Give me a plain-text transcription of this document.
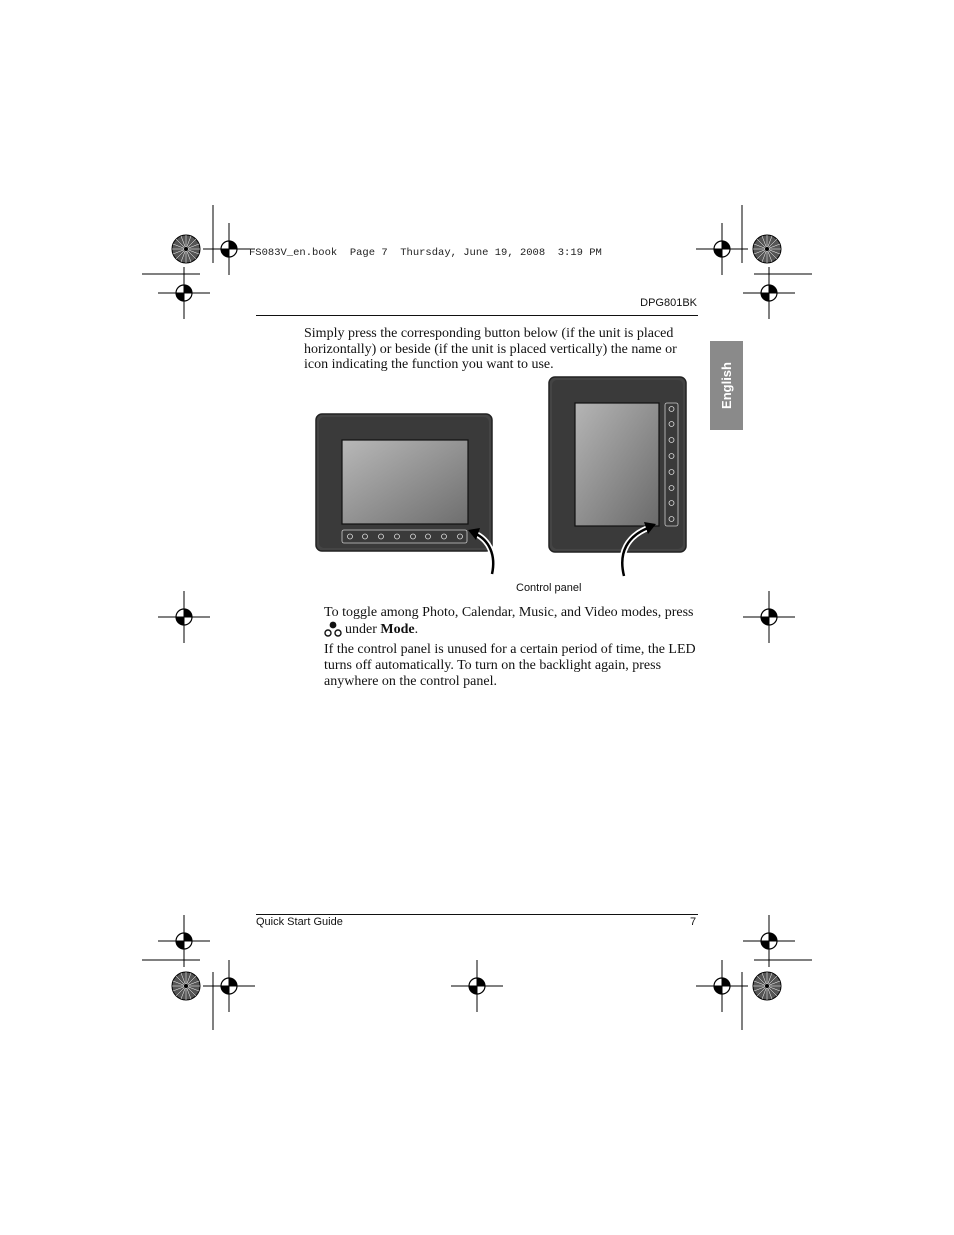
FS083V_en.book  Page 7  Thursday, June 19, 2008  3:19 PM
DPG801BK
English
Simply press the corresponding button below (if the unit is placed horizontally) or beside (if the unit is placed vertically) the name or icon indicating the function you want to use.
Control panel
To toggle among Photo, Calendar, Music, and Video modes, press
under Mode.
If the control panel is unused for a certain period of time, the LED turns off automatically. To turn on the backlight again, press anywhere on the control panel.
Quick Start Guide	7
